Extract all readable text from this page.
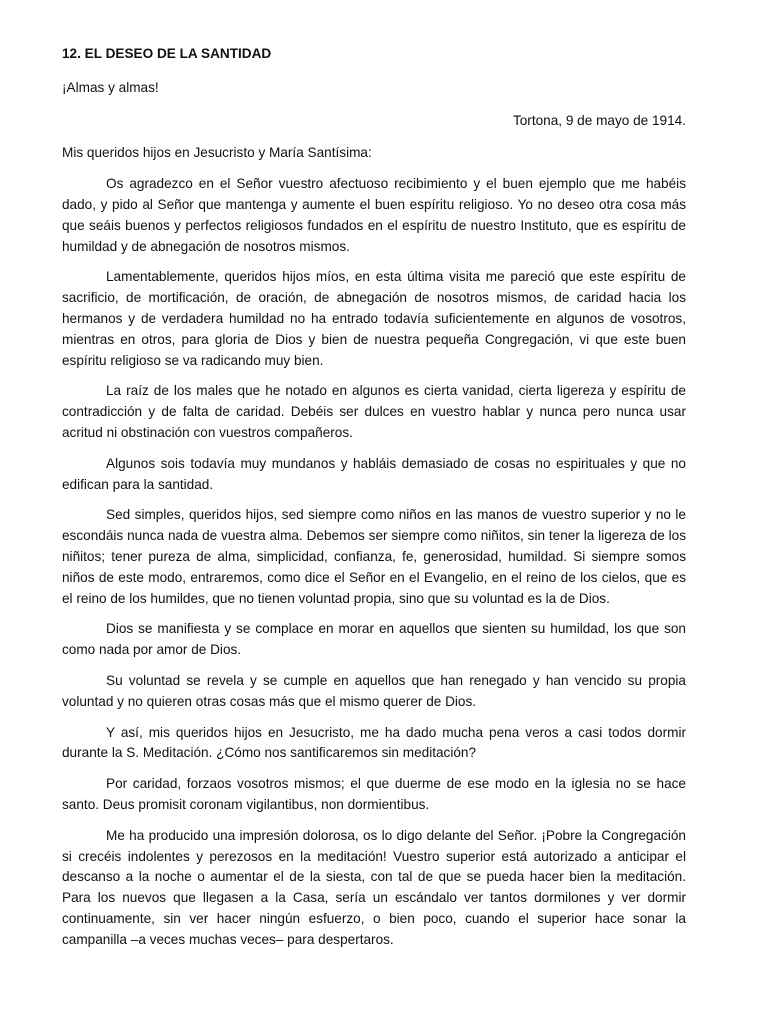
12. EL DESEO DE LA SANTIDAD
¡Almas y almas!
Tortona, 9 de mayo de 1914.
Mis queridos hijos en Jesucristo y María Santísima:

Os agradezco en el Señor vuestro afectuoso recibimiento y el buen ejemplo que me habéis dado, y pido al Señor que mantenga y aumente el buen espíritu religioso. Yo no deseo otra cosa más que seáis buenos y perfectos religiosos fundados en el espíritu de nuestro Instituto, que es espíritu de humildad y de abnegación de nosotros mismos.

Lamentablemente, queridos hijos míos, en esta última visita me pareció que este espíritu de sacrificio, de mortificación, de oración, de abnegación de nosotros mismos, de caridad hacia los hermanos y de verdadera humildad no ha entrado todavía suficientemente en algunos de vosotros, mientras en otros, para gloria de Dios y bien de nuestra pequeña Congregación, vi que este buen espíritu religioso se va radicando muy bien.

La raíz de los males que he notado en algunos es cierta vanidad, cierta ligereza y espíritu de contradicción y de falta de caridad. Debéis ser dulces en vuestro hablar y nunca pero nunca usar acritud ni obstinación con vuestros compañeros.

Algunos sois todavía muy mundanos y habláis demasiado de cosas no espirituales y que no edifican para la santidad.

Sed simples, queridos hijos, sed siempre como niños en las manos de vuestro superior y no le escondáis nunca nada de vuestra alma. Debemos ser siempre como niñitos, sin tener la ligereza de los niñitos; tener pureza de alma, simplicidad, confianza, fe, generosidad, humildad. Si siempre somos niños de este modo, entraremos, como dice el Señor en el Evangelio, en el reino de los cielos, que es el reino de los humildes, que no tienen voluntad propia, sino que su voluntad es la de Dios.

Dios se manifiesta y se complace en morar en aquellos que sienten su humildad, los que son como nada por amor de Dios.

Su voluntad se revela y se cumple en aquellos que han renegado y han vencido su propia voluntad y no quieren otras cosas más que el mismo querer de Dios.

Y así, mis queridos hijos en Jesucristo, me ha dado mucha pena veros a casi todos dormir durante la S. Meditación. ¿Cómo nos santificaremos sin meditación?

Por caridad, forzaos vosotros mismos; el que duerme de ese modo en la iglesia no se hace santo. Deus promisit coronam vigilantibus, non dormientibus.

Me ha producido una impresión dolorosa, os lo digo delante del Señor. ¡Pobre la Congregación si crecéis indolentes y perezosos en la meditación! Vuestro superior está autorizado a anticipar el descanso a la noche o aumentar el de la siesta, con tal de que se pueda hacer bien la meditación. Para los nuevos que llegasen a la Casa, sería un escándalo ver tantos dormilones y ver dormir continuamente, sin ver hacer ningún esfuerzo, o bien poco, cuando el superior hace sonar la campanilla –a veces muchas veces– para despertaros.
